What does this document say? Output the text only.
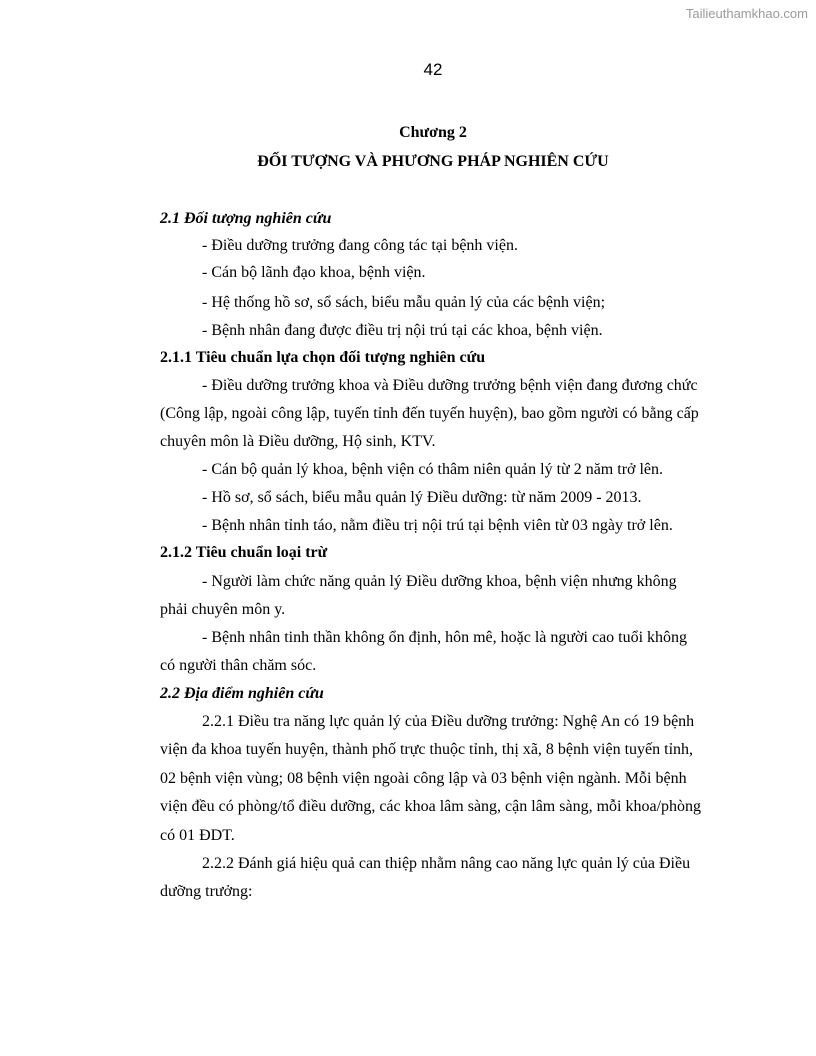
Tailieuthamkhao.com
42
Chương 2
ĐỐI TƯỢNG VÀ PHƯƠNG PHÁP NGHIÊN CỨU
2.1 Đối tượng nghiên cứu
- Điều dưỡng trưởng đang công tác tại bệnh viện.
- Cán bộ lãnh đạo khoa, bệnh viện.
- Hệ thống hồ sơ, sổ sách, biểu mẫu quản lý của các bệnh viện;
- Bệnh nhân đang được điều trị nội trú tại các khoa, bệnh viện.
2.1.1 Tiêu chuẩn lựa chọn đối tượng nghiên cứu
- Điều dưỡng trưởng khoa và Điều dưỡng trưởng bệnh viện đang đương chức
(Công lập, ngoài công lập, tuyến tỉnh đến tuyến huyện), bao gồm người có bằng cấp
chuyên môn là Điều dưỡng, Hộ sinh, KTV.
- Cán bộ quản lý khoa, bệnh viện có thâm niên quản lý từ 2 năm trở lên.
- Hồ sơ, sổ sách, biểu mẫu quản lý Điều dưỡng: từ năm 2009 - 2013.
- Bệnh nhân tỉnh táo, nằm điều trị nội trú tại bệnh viên từ 03 ngày trở lên.
2.1.2 Tiêu chuẩn loại trừ
- Người làm chức năng quản lý Điều dưỡng khoa, bệnh viện nhưng không
phải chuyên môn y.
- Bệnh nhân tinh thần không ổn định, hôn mê, hoặc là người cao tuổi không
có người thân chăm sóc.
2.2 Địa điểm nghiên cứu
2.2.1 Điều tra năng lực quản lý của Điều dưỡng trưởng: Nghệ An có 19 bệnh
viện đa khoa tuyến huyện, thành phố trực thuộc tỉnh, thị xã, 8 bệnh viện tuyến tỉnh,
02 bệnh viện vùng; 08 bệnh viện ngoài công lập và 03 bệnh viện ngành. Mỗi bệnh
viện đều có phòng/tổ điều dưỡng, các khoa lâm sàng, cận lâm sàng, mỗi khoa/phòng
có 01 ĐDT.
2.2.2 Đánh giá hiệu quả can thiệp nhằm nâng cao năng lực quản lý của Điều
dưỡng trưởng:
